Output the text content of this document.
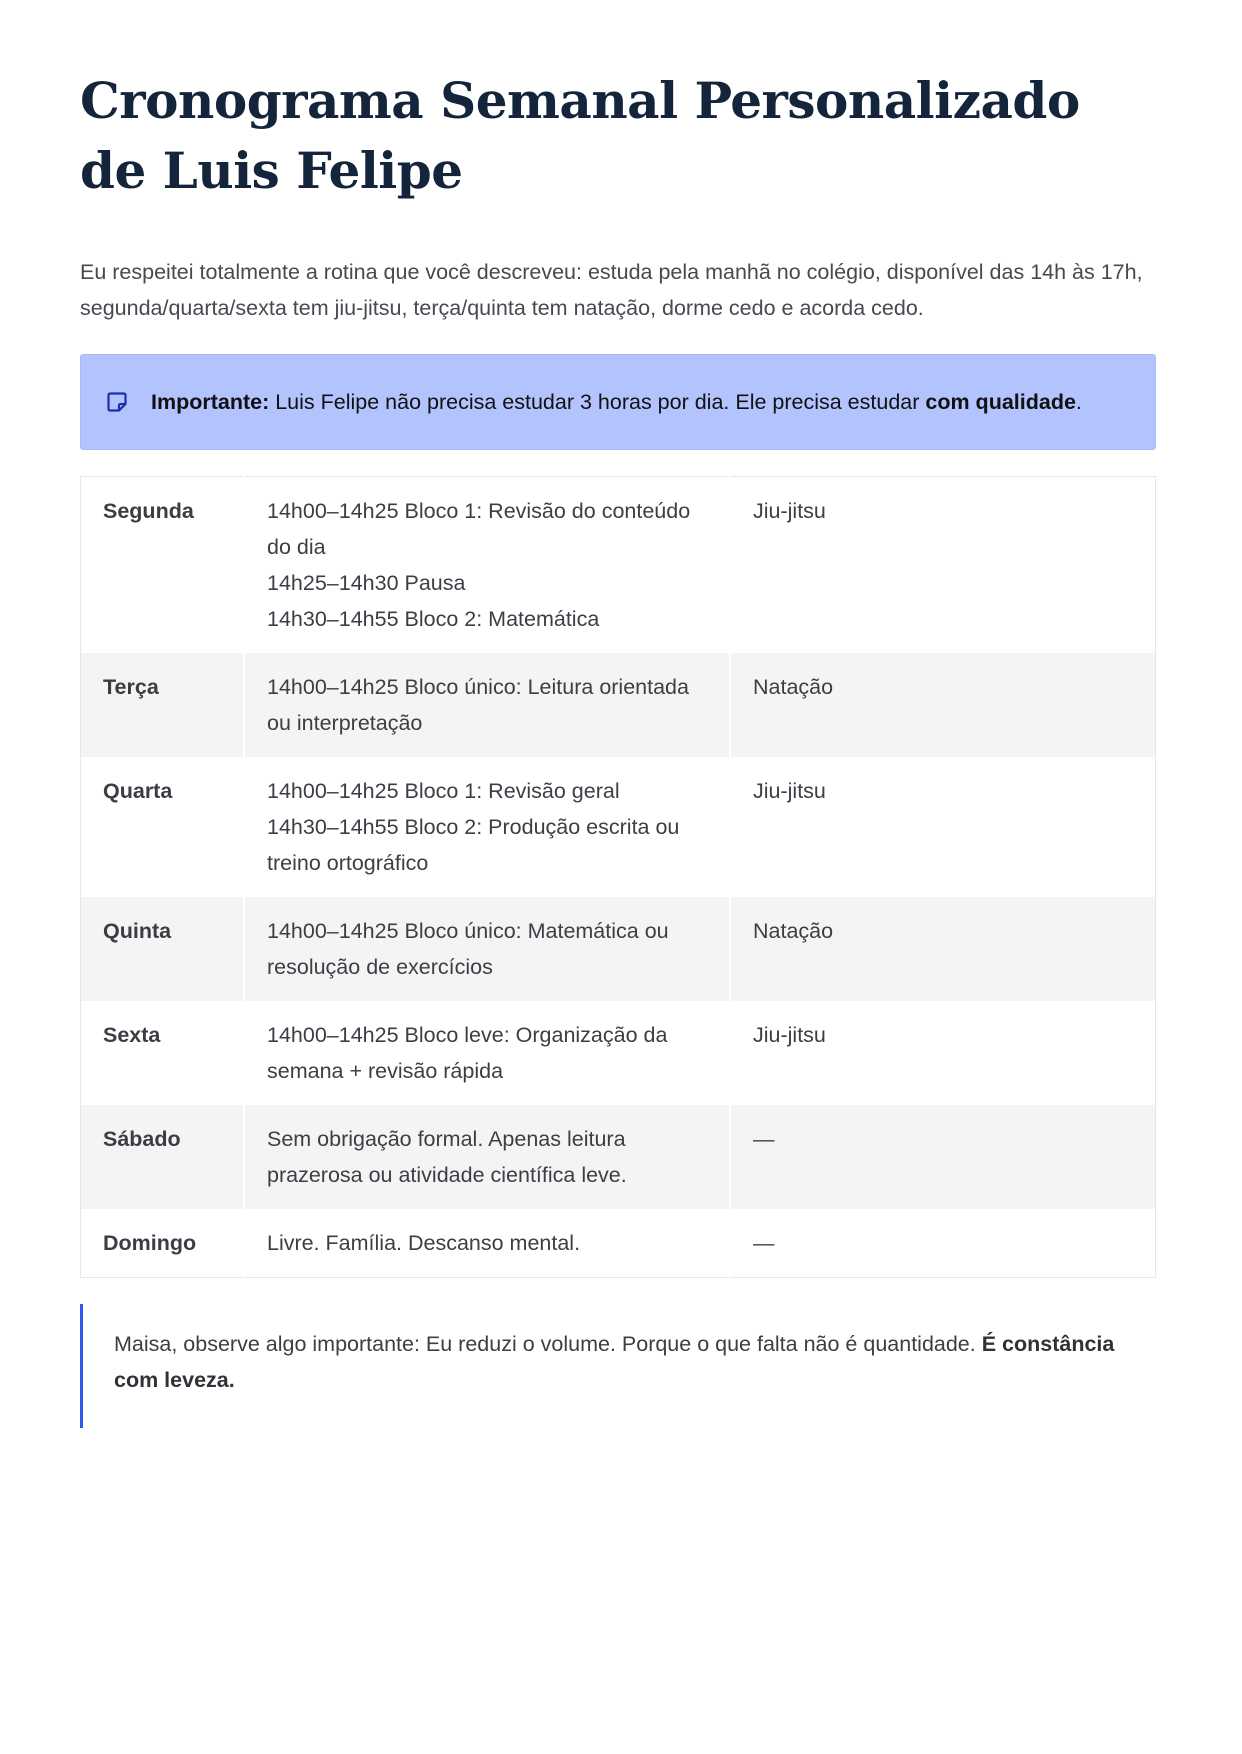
Cronograma Semanal Personalizado de Luis Felipe

Eu respeitei totalmente a rotina que você descreveu: estuda pela manhã no colégio, disponível das 14h às 17h, segunda/quarta/sexta tem jiu-jitsu, terça/quinta tem natação, dorme cedo e acorda cedo.

Importante: Luis Felipe não precisa estudar 3 horas por dia. Ele precisa estudar com qualidade.
Segunda	14h00–14h25 Bloco 1: Revisão do conteúdo do dia
14h25–14h30 Pausa
14h30–14h55 Bloco 2: Matemática	Jiu-jitsu
Terça	14h00–14h25 Bloco único: Leitura orientada ou interpretação	Natação
Quarta	14h00–14h25 Bloco 1: Revisão geral
14h30–14h55 Bloco 2: Produção escrita ou treino ortográfico	Jiu-jitsu
Quinta	14h00–14h25 Bloco único: Matemática ou resolução de exercícios	Natação
Sexta	14h00–14h25 Bloco leve: Organização da semana + revisão rápida	Jiu-jitsu
Sábado	Sem obrigação formal. Apenas leitura prazerosa ou atividade científica leve.	—
Domingo	Livre. Família. Descanso mental.	—
Maisa, observe algo importante: Eu reduzi o volume. Porque o que falta não é quantidade. É constância com leveza.
